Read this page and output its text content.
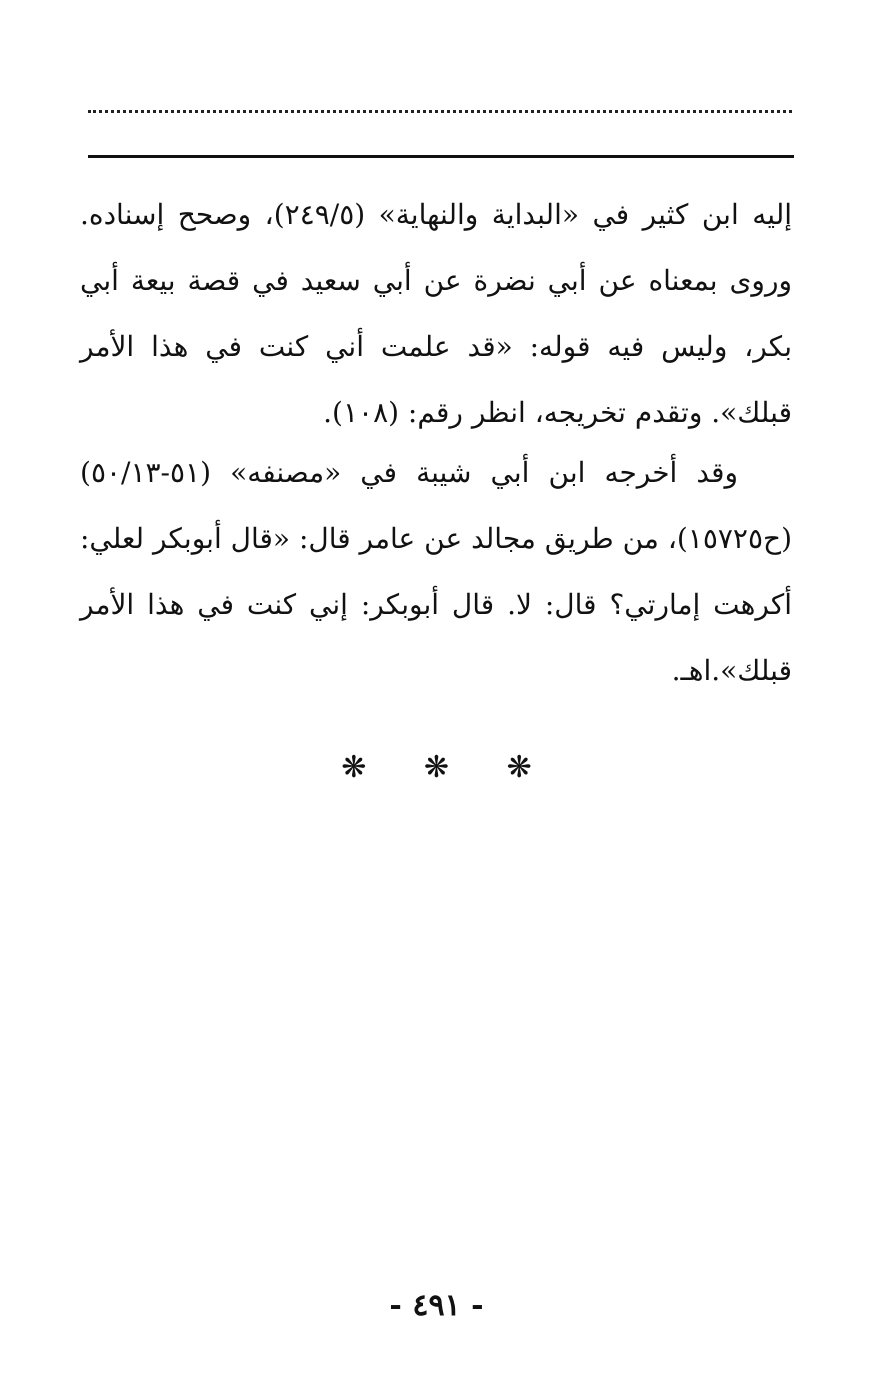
إليه ابن كثير في «البداية والنهاية» (٢٤٩/٥)، وصحح إسناده. وروى بمعناه عن أبي نضرة عن أبي سعيد في قصة بيعة أبي بكر، وليس فيه قوله: «قد علمت أني كنت في هذا الأمر قبلك». وتقدم تخريجه، انظر رقم: (١٠٨).
وقد أخرجه ابن أبي شيبة في «مصنفه» (٥١-٥٠/١٣) (ح١٥٧٢٥)، من طريق مجالد عن عامر قال: «قال أبوبكر لعلي: أكرهت إمارتي؟ قال: لا. قال أبوبكر: إني كنت في هذا الأمر قبلك».اهـ.
❋ ❋ ❋
- ٤٩١ -
